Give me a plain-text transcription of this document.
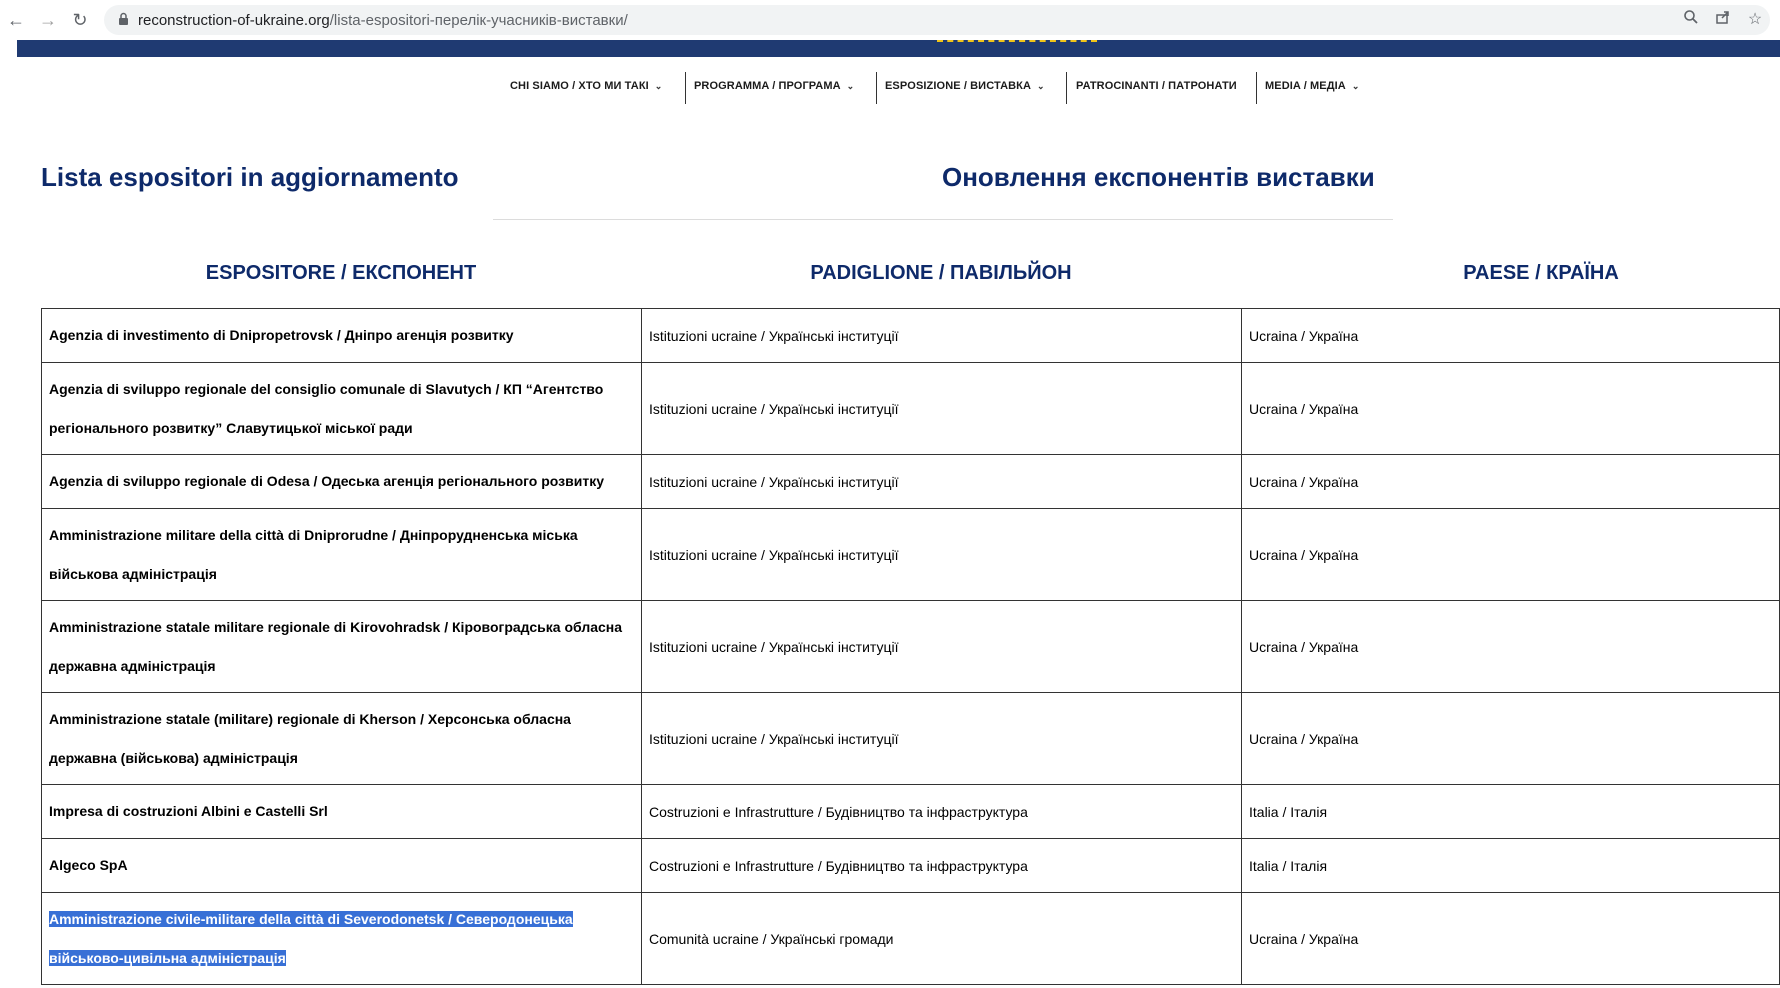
← → ↻	reconstruction-of-ukraine.org/lista-espositori-перелік-учасників-виставки/	☆
CHI SIAMO / ХТО МИ ТАКІ ⌄	PROGRAMMA / ПРОГРАМА ⌄	ESPOSIZIONE / ВИСТАВКА ⌄	PATROCINANTI / ПАТРОНАТИ	MEDIA / МЕДІА ⌄
Lista espositori in aggiornamento	Оновлення експонентів виставки
ESPOSITORE / ЕКСПОНЕНТ	PADIGLIONE / ПАВІЛЬЙОН	PAESE / КРАЇНА
Agenzia di investimento di Dnipropetrovsk / Дніпро агенція розвитку	Istituzioni ucraine / Українські інституції	Ucraina / Україна
Agenzia di sviluppo regionale del consiglio comunale di Slavutych / КП “Агентство регіонального розвитку” Славутицької міської ради	Istituzioni ucraine / Українські інституції	Ucraina / Україна
Agenzia di sviluppo regionale di Odesa / Одеська агенція регіонального розвитку	Istituzioni ucraine / Українські інституції	Ucraina / Україна
Amministrazione militare della città di Dniprorudne / Дніпрорудненська міська військова адміністрація	Istituzioni ucraine / Українські інституції	Ucraina / Україна
Amministrazione statale militare regionale di Kirovohradsk / Кіровоградська обласна державна адміністрація	Istituzioni ucraine / Українські інституції	Ucraina / Україна
Amministrazione statale (militare) regionale di Kherson / Херсонська обласна державна (військова) адміністрація	Istituzioni ucraine / Українські інституції	Ucraina / Україна
Impresa di costruzioni Albini e Castelli Srl	Costruzioni e Infrastrutture / Будівництво та інфраструктура	Italia / Італія
Algeco SpA	Costruzioni e Infrastrutture / Будівництво та інфраструктура	Italia / Італія
Amministrazione civile-militare della città di Severodonetsk / Северодонецька військово-цивільна адміністрація	Comunità ucraine / Українські громади	Ucraina / Україна
